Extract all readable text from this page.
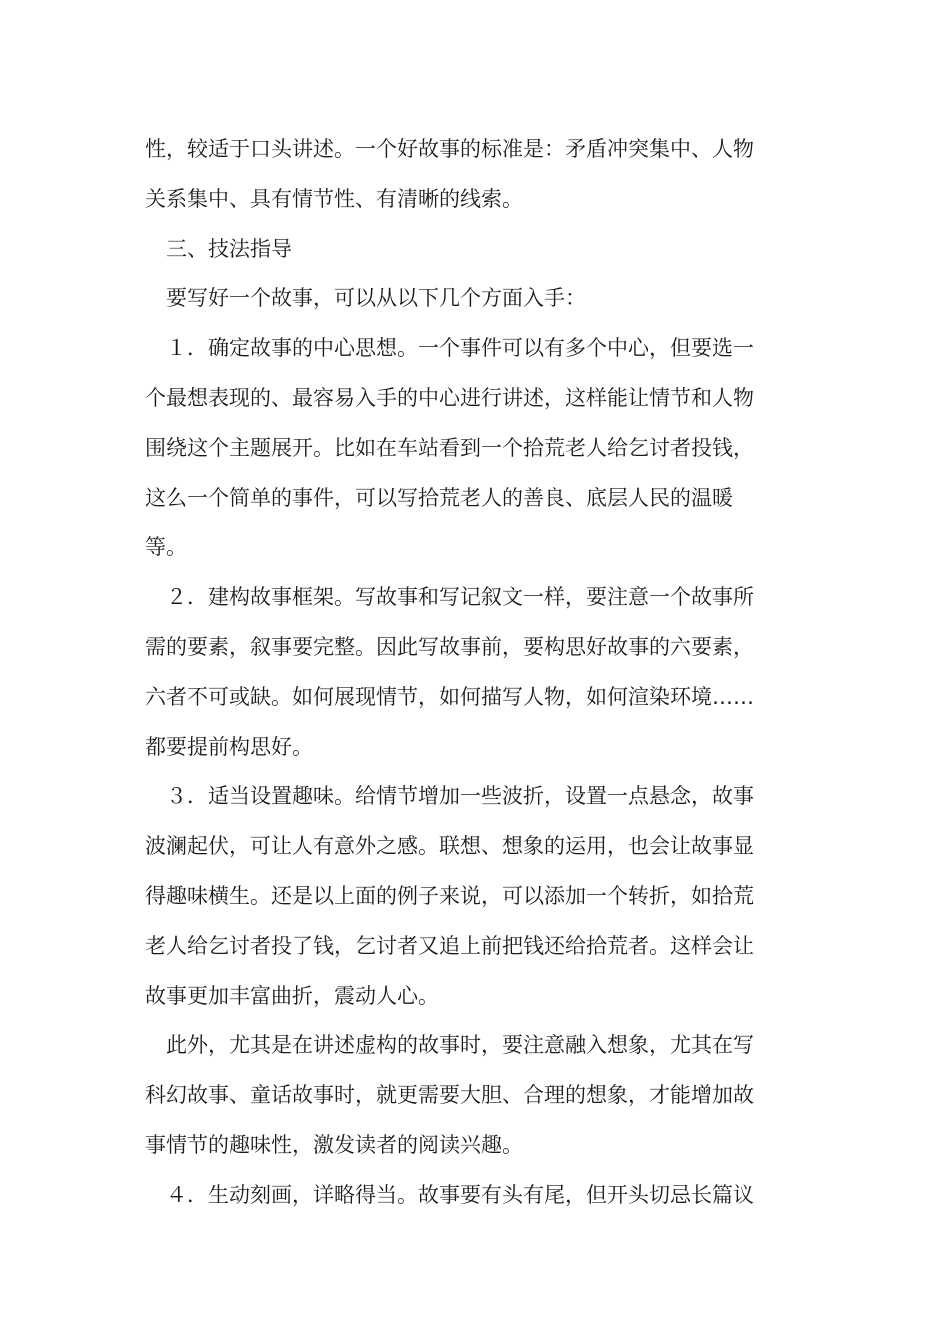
性，较适于口头讲述。一个好故事的标准是：矛盾冲突集中、人物
关系集中、具有情节性、有清晰的线索。

　三、技法指导

　要写好一个故事，可以从以下几个方面入手：

　１．确定故事的中心思想。一个事件可以有多个中心，但要选一
个最想表现的、最容易入手的中心进行讲述，这样能让情节和人物
围绕这个主题展开。比如在车站看到一个拾荒老人给乞讨者投钱，
这么一个简单的事件，可以写拾荒老人的善良、底层人民的温暖
等。

　２．建构故事框架。写故事和写记叙文一样，要注意一个故事所
需的要素，叙事要完整。因此写故事前，要构思好故事的六要素，
六者不可或缺。如何展现情节，如何描写人物，如何渲染环境……
都要提前构思好。

　３．适当设置趣味。给情节增加一些波折，设置一点悬念，故事
波澜起伏，可让人有意外之感。联想、想象的运用，也会让故事显
得趣味横生。还是以上面的例子来说，可以添加一个转折，如拾荒
老人给乞讨者投了钱，乞讨者又追上前把钱还给拾荒者。这样会让
故事更加丰富曲折，震动人心。

　此外，尤其是在讲述虚构的故事时，要注意融入想象，尤其在写
科幻故事、童话故事时，就更需要大胆、合理的想象，才能增加故
事情节的趣味性，激发读者的阅读兴趣。

　４．生动刻画，详略得当。故事要有头有尾，但开头切忌长篇议
